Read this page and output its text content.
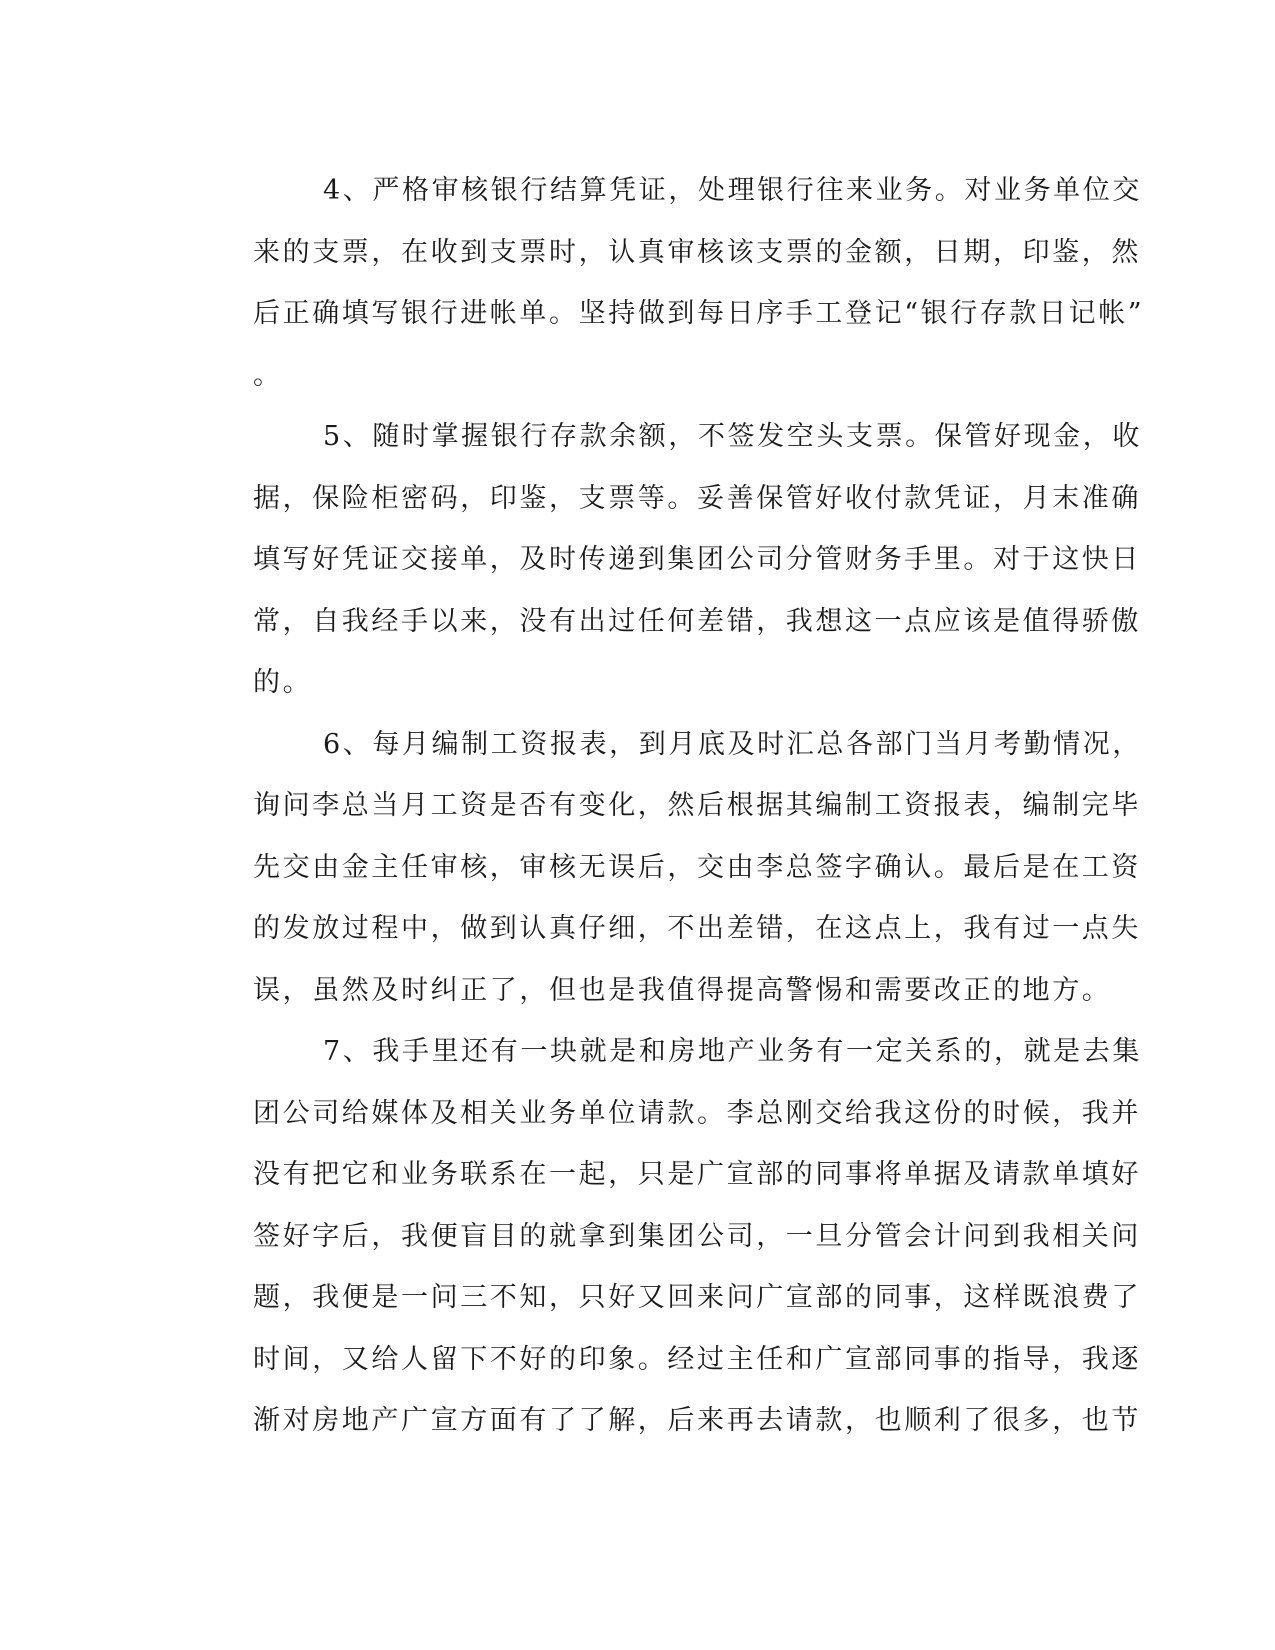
4、严格审核银行结算凭证，处理银行往来业务。对业务单位交
来的支票，在收到支票时，认真审核该支票的金额，日期，印鉴，然
后正确填写银行进帐单。坚持做到每日序手工登记“银行存款日记帐”
。
5、随时掌握银行存款余额，不签发空头支票。保管好现金，收
据，保险柜密码，印鉴，支票等。妥善保管好收付款凭证，月末准确
填写好凭证交接单，及时传递到集团公司分管财务手里。对于这快日
常，自我经手以来，没有出过任何差错，我想这一点应该是值得骄傲
的。
6、每月编制工资报表，到月底及时汇总各部门当月考勤情况，
询问李总当月工资是否有变化，然后根据其编制工资报表，编制完毕
先交由金主任审核，审核无误后，交由李总签字确认。最后是在工资
的发放过程中，做到认真仔细，不出差错，在这点上，我有过一点失
误，虽然及时纠正了，但也是我值得提高警惕和需要改正的地方。
7、我手里还有一块就是和房地产业务有一定关系的，就是去集
团公司给媒体及相关业务单位请款。李总刚交给我这份的时候，我并
没有把它和业务联系在一起，只是广宣部的同事将单据及请款单填好
签好字后，我便盲目的就拿到集团公司，一旦分管会计问到我相关问
题，我便是一问三不知，只好又回来问广宣部的同事，这样既浪费了
时间，又给人留下不好的印象。经过主任和广宣部同事的指导，我逐
渐对房地产广宣方面有了了解，后来再去请款，也顺利了很多，也节
